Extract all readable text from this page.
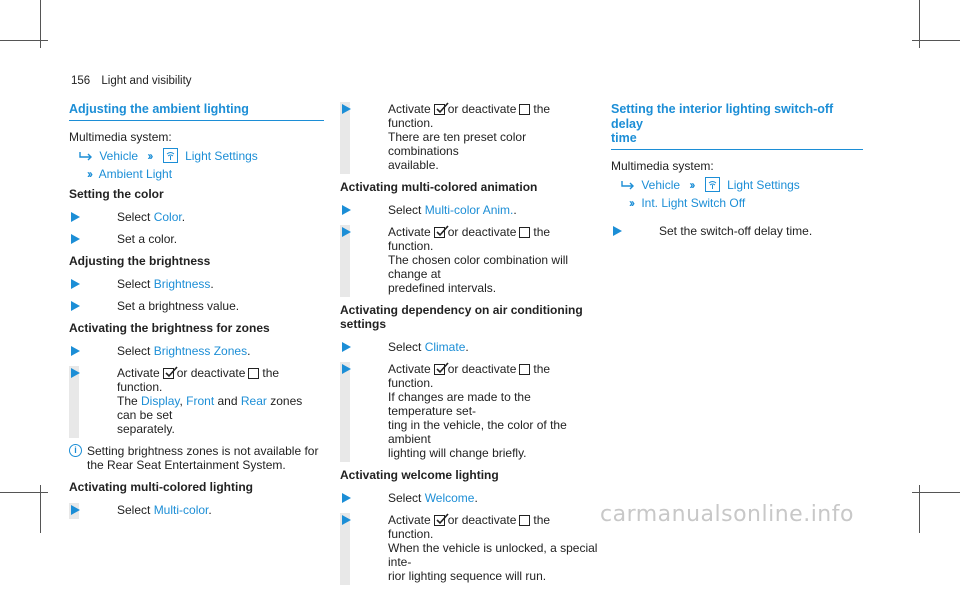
156 Light and visibility
Adjusting the ambient lighting
Multimedia system:
Vehicle ››	Light Settings
›› Ambient Light
Setting the color
Select Color.
Set a color.
Adjusting the brightness
Select Brightness.
Set a brightness value.
Activating the brightness for zones
Select Brightness Zones.
Activate or deactivate the function.
The Display, Front and Rear zones can be set
separately.
i Setting brightness zones is not available for
the Rear Seat Entertainment System.
Activating multi-colored lighting
Select Multi-color.
Activate or deactivate the function.
There are ten preset color combinations
available.
Activating multi-colored animation
Select Multi-color Anim..
Activate or deactivate the function.
The chosen color combination will change at
predefined intervals.
Activating dependency on air conditioning
settings
Select Climate.
Activate or deactivate the function.
If changes are made to the temperature set-
ting in the vehicle, the color of the ambient
lighting will change briefly.
Activating welcome lighting
Select Welcome.
Activate or deactivate the function.
When the vehicle is unlocked, a special inte-
rior lighting sequence will run.
Setting the interior lighting switch-off delay
time
Multimedia system:
Vehicle ››	Light Settings
›› Int. Light Switch Off
Set the switch-off delay time.
carmanualsonline.info
